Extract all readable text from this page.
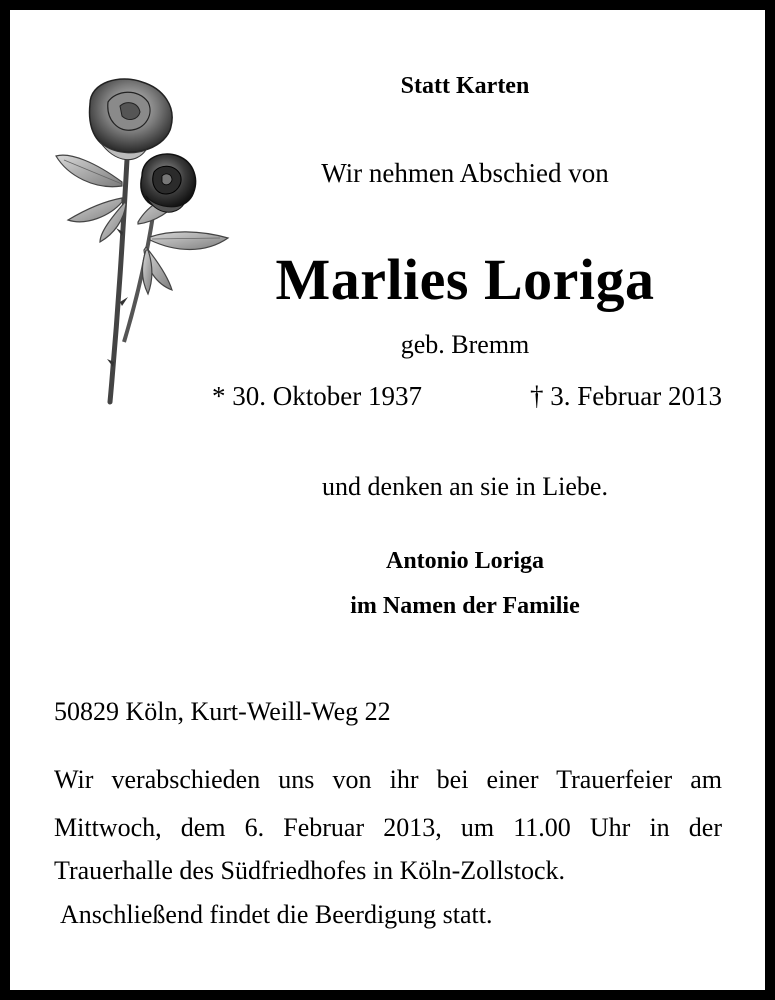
Statt Karten
Wir nehmen Abschied von
Marlies Loriga
geb. Bremm
* 30. Oktober 1937	† 3. Februar 2013
und denken an sie in Liebe.
Antonio Loriga
im Namen der Familie
50829 Köln, Kurt-Weill-Weg 22
Wir verabschieden uns von ihr bei einer Trauerfeier am
Mittwoch, dem 6. Februar 2013, um 11.00 Uhr in der
Trauerhalle des Südfriedhofes in Köln-Zollstock.
Anschließend findet die Beerdigung statt.
